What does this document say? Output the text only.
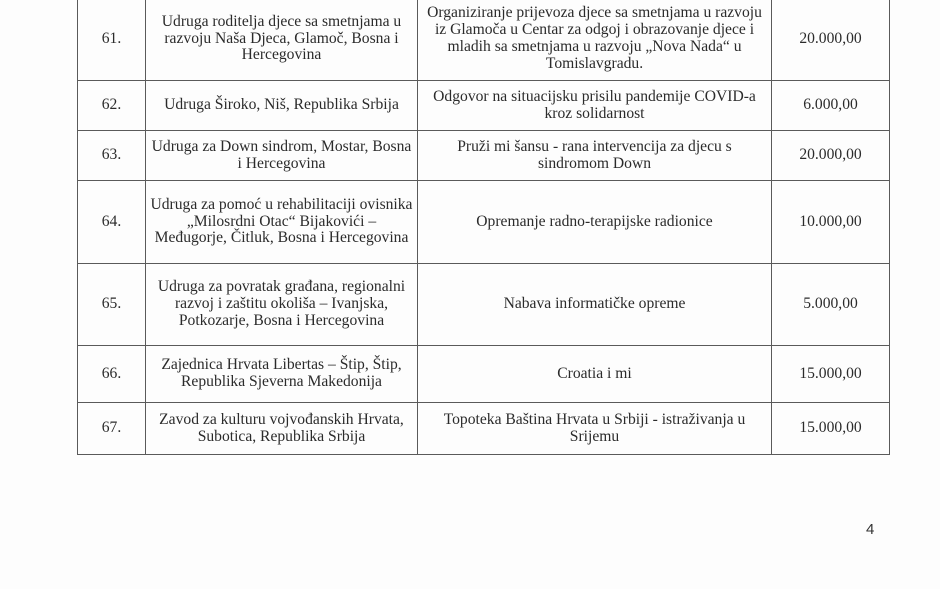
61.	Udruga roditelja djece sa smetnjama u razvoju Naša Djeca, Glamoč, Bosna i Hercegovina	Organiziranje prijevoza djece sa smetnjama u razvoju iz Glamoča u Centar za odgoj i obrazovanje djece i mladih sa smetnjama u razvoju „Nova Nada“ u Tomislavgradu.	20.000,00
62.	Udruga Široko, Niš, Republika Srbija	Odgovor na situacijsku prisilu pandemije COVID-a kroz solidarnost	6.000,00
63.	Udruga za Down sindrom, Mostar, Bosna i Hercegovina	Pruži mi šansu - rana intervencija za djecu s sindromom Down	20.000,00
64.	Udruga za pomoć u rehabilitaciji ovisnika „Milosrdni Otac“ Bijakovići – Međugorje, Čitluk, Bosna i Hercegovina	Opremanje radno-terapijske radionice	10.000,00
65.	Udruga za povratak građana, regionalni razvoj i zaštitu okoliša – Ivanjska, Potkozarje, Bosna i Hercegovina	Nabava informatičke opreme	5.000,00
66.	Zajednica Hrvata Libertas – Štip, Štip, Republika Sjeverna Makedonija	Croatia i mi	15.000,00
67.	Zavod za kulturu vojvođanskih Hrvata, Subotica, Republika Srbija	Topoteka Baština Hrvata u Srbiji - istraživanja u Srijemu	15.000,00
4
